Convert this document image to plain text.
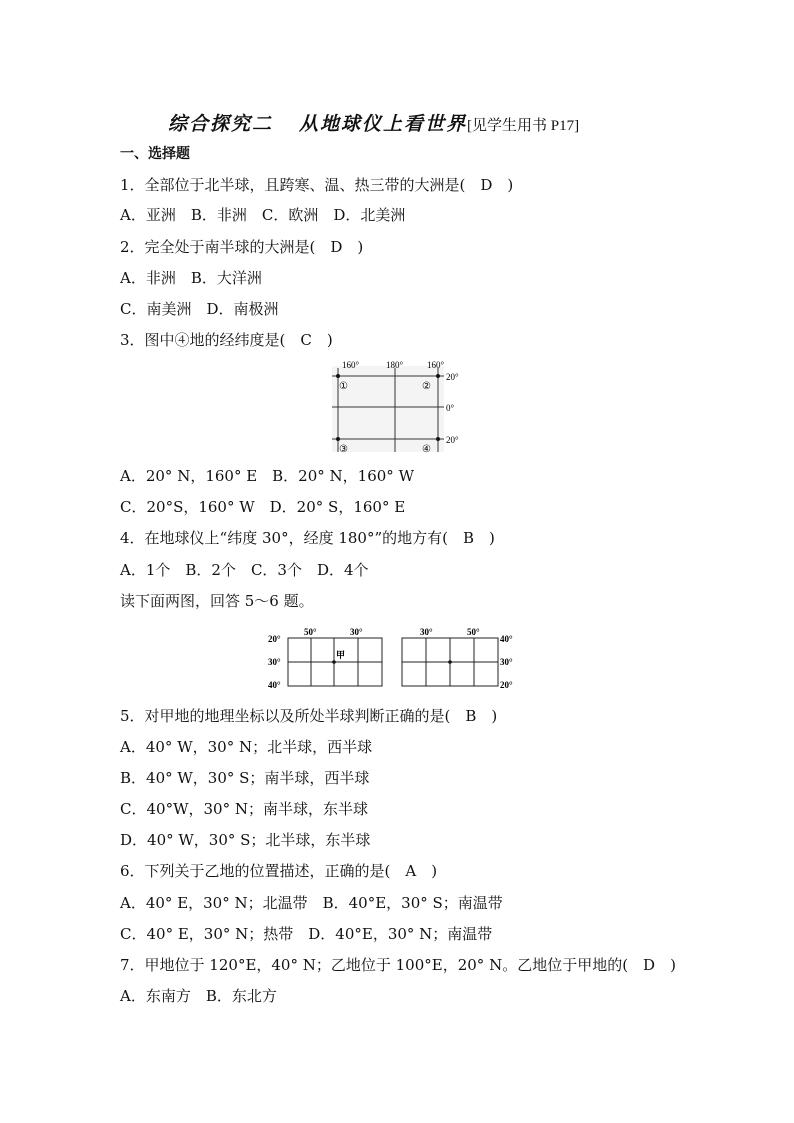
综合探究二 从地球仪上看世界[见学生用书 P17]
一、选择题
1．全部位于北半球，且跨寒、温、热三带的大洲是(　D　)
A．亚洲　B．非洲　C．欧洲　D．北美洲
2．完全处于南半球的大洲是(　D　)
A．非洲　B．大洋洲
C．南美洲　D．南极洲
3．图中④地的经纬度是(　C　)
160°	180°	160°
20°
0°
20°
①	②
③	④
A．20° N，160° E　B．20° N，160° W
C．20°S，160° W　D．20° S，160° E
4．在地球仪上“纬度 30°，经度 180°”的地方有(　B　)
A．1个　B．2个　C．3个　D．4个
读下面两图，回答 5～6 题。
甲
50°	30°
20°
30°
40°
30°	50°
40°
30°
20°
5．对甲地的地理坐标以及所处半球判断正确的是(　B　)
A．40° W，30° N；北半球，西半球
B．40° W，30° S；南半球，西半球
C．40°W，30° N；南半球，东半球
D．40° W，30° S；北半球，东半球
6．下列关于乙地的位置描述，正确的是(　A　)
A．40° E，30° N；北温带　B．40°E，30° S；南温带
C．40° E，30° N；热带　D．40°E，30° N；南温带
7．甲地位于 120°E，40° N；乙地位于 100°E，20° N。乙地位于甲地的(　D　)
A．东南方　B．东北方
